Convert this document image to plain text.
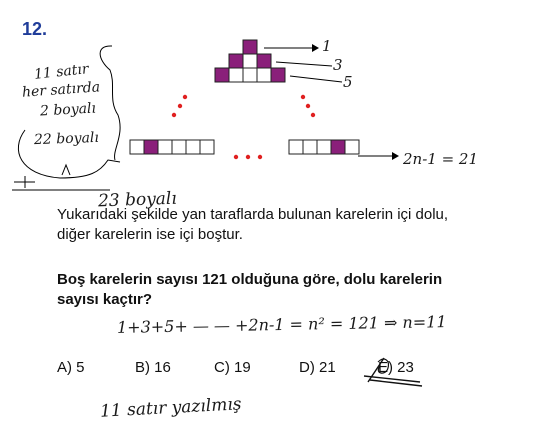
12.
11 satır
her satırda
2 boyalı
22 boyalı
23 boyalı
1
3
5
2n-1 = 21
Yukarıdaki şekilde yan taraflarda bulunan karelerin içi dolu, diğer karelerin ise içi boştur.
Boş karelerin sayısı 121 olduğuna göre, dolu karelerin sayısı kaçtır?
1+3+5+ — — +2n-1 = n² = 121 ⇒ n=11
A) 5	B) 16	C) 19	D) 21	E) 23
11 satır yazılmış
